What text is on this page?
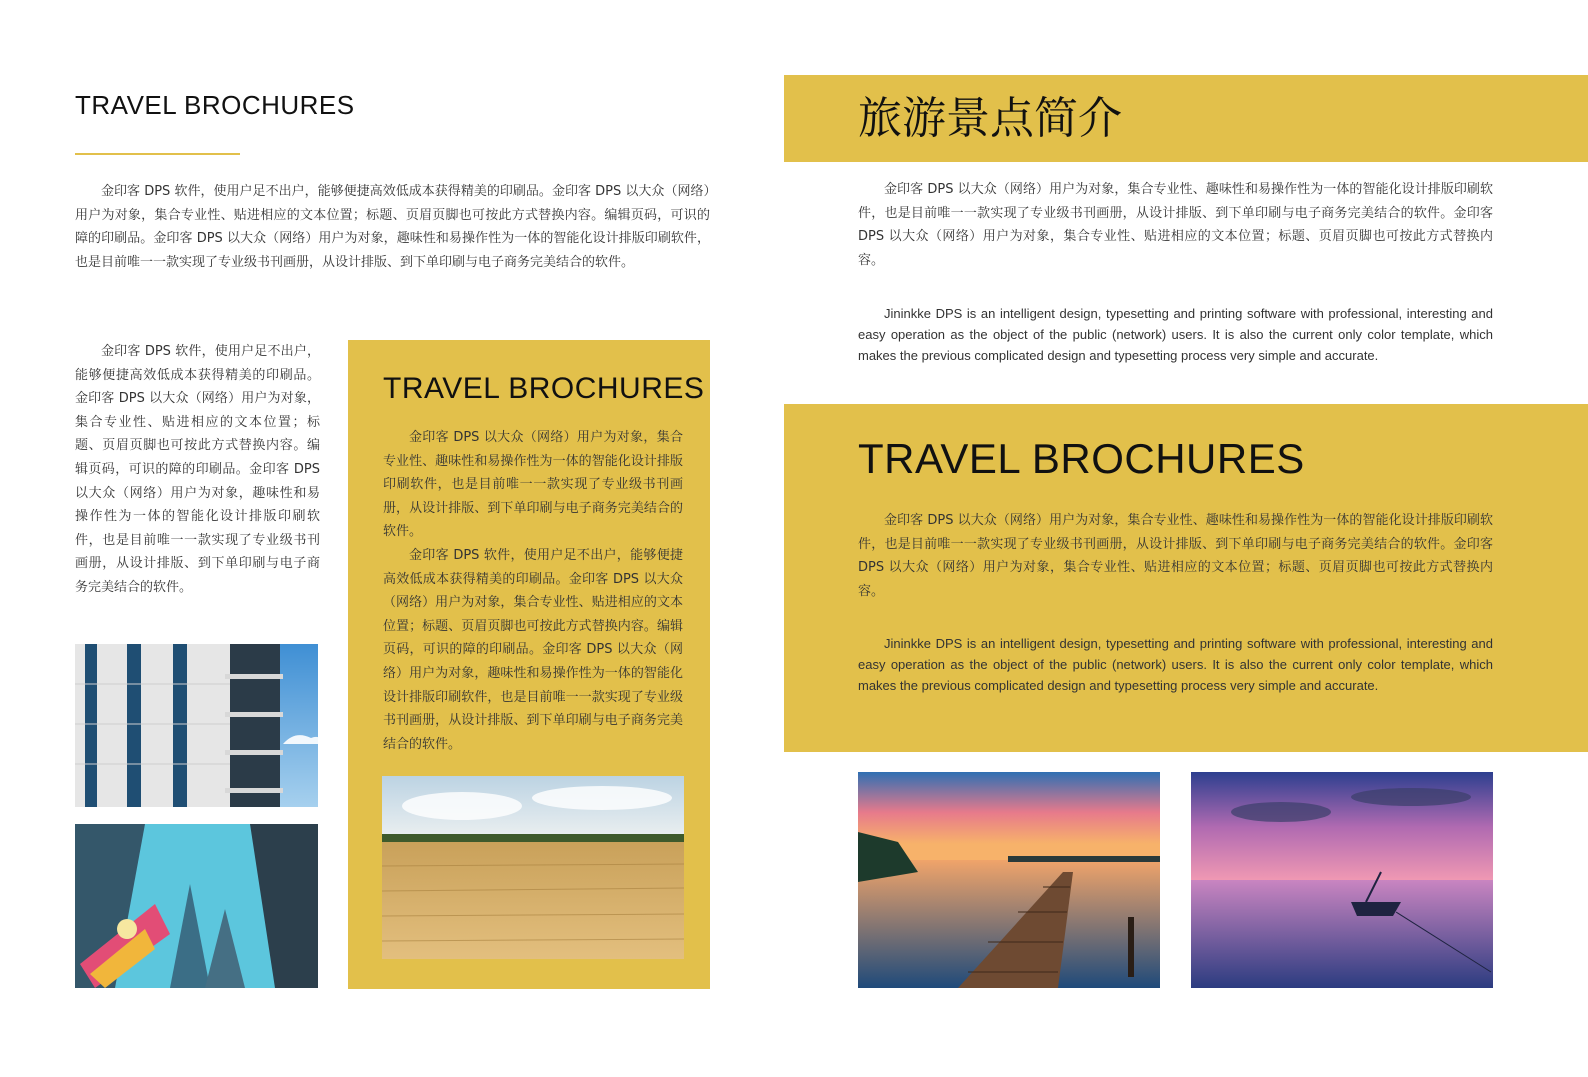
TRAVEL BROCHURES

金印客 DPS 软件，使用户足不出户，能够便捷高效低成本获得精美的印刷品。金印客 DPS 以大众（网络）用户为对象，集合专业性、贴进相应的文本位置；标题、页眉页脚也可按此方式替换内容。编辑页码，可识的障的印刷品。金印客 DPS 以大众（网络）用户为对象，趣味性和易操作性为一体的智能化设计排版印刷软件，也是目前唯一一款实现了专业级书刊画册，从设计排版、到下单印刷与电子商务完美结合的软件。

金印客 DPS 软件，使用户足不出户，能够便捷高效低成本获得精美的印刷品。金印客 DPS 以大众（网络）用户为对象，集合专业性、贴进相应的文本位置；标题、页眉页脚也可按此方式替换内容。编辑页码，可识的障的印刷品。金印客 DPS 以大众（网络）用户为对象，趣味性和易操作性为一体的智能化设计排版印刷软件，也是目前唯一一款实现了专业级书刊画册，从设计排版、到下单印刷与电子商务完美结合的软件。

TRAVEL BROCHURES

金印客 DPS 以大众（网络）用户为对象，集合专业性、趣味性和易操作性为一体的智能化设计排版印刷软件，也是目前唯一一款实现了专业级书刊画册，从设计排版、到下单印刷与电子商务完美结合的软件。

金印客 DPS 软件，使用户足不出户，能够便捷高效低成本获得精美的印刷品。金印客 DPS 以大众（网络）用户为对象，集合专业性、贴进相应的文本位置；标题、页眉页脚也可按此方式替换内容。编辑页码，可识的障的印刷品。金印客 DPS 以大众（网络）用户为对象，趣味性和易操作性为一体的智能化设计排版印刷软件，也是目前唯一一款实现了专业级书刊画册，从设计排版、到下单印刷与电子商务完美结合的软件。

旅游景点简介

金印客 DPS 以大众（网络）用户为对象，集合专业性、趣味性和易操作性为一体的智能化设计排版印刷软件，也是目前唯一一款实现了专业级书刊画册，从设计排版、到下单印刷与电子商务完美结合的软件。金印客 DPS 以大众（网络）用户为对象，集合专业性、贴进相应的文本位置；标题、页眉页脚也可按此方式替换内容。

Jininkke DPS is an intelligent design, typesetting and printing software with professional, interesting and easy operation as the object of the public (network) users. It is also the current only color template, which makes the previous complicated design and typesetting process very simple and accurate.

TRAVEL BROCHURES

金印客 DPS 以大众（网络）用户为对象，集合专业性、趣味性和易操作性为一体的智能化设计排版印刷软件，也是目前唯一一款实现了专业级书刊画册，从设计排版、到下单印刷与电子商务完美结合的软件。金印客 DPS 以大众（网络）用户为对象，集合专业性、贴进相应的文本位置；标题、页眉页脚也可按此方式替换内容。

Jininkke DPS is an intelligent design, typesetting and printing software with professional, interesting and easy operation as the object of the public (network) users. It is also the current only color template, which makes the previous complicated design and typesetting process very simple and accurate.
